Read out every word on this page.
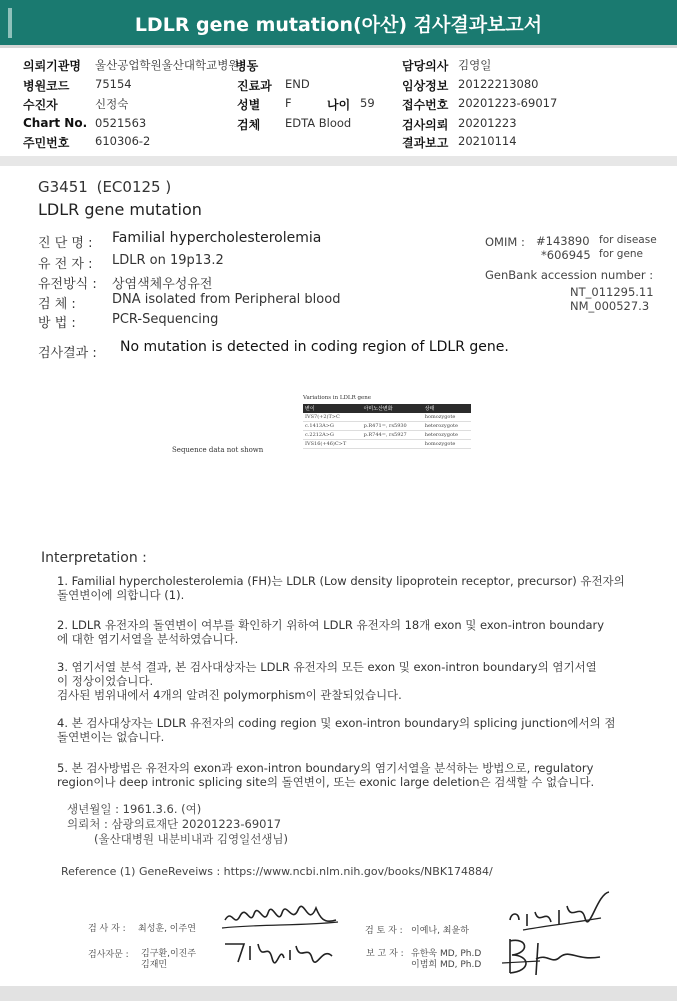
LDLR gene mutation(아산) 검사결과보고서
의뢰기관명 울산공업학원울산대학교병원
병동	담당의사 김영일
병원코드 75154	진료과 END	임상정보 20122213080
수진자	신정숙	성별 F	나이 59 접수번호 20201223-69017
Chart No. 0521563	검체 EDTA Blood	검사의뢰 20201223
주민번호 610306-2	결과보고 20210114
G3451 (EC0125 )
LDLR gene mutation
진 단 명 : Familial hypercholesterolemia
유 전 자 : LDLR on 19p13.2
유전방식 : 상염색체우성유전
검 체 :	DNA isolated from Peripheral blood
방 법 :	PCR-Sequencing
OMIM : #143890 for disease
*606945 for gene
GenBank accession number :
NT_011295.11
NM_000527.3
검사결과 : No mutation is detected in coding region of LDLR gene.
Sequence data not shown
Variations in LDLR gene
변이	아미노산변화	상태
IVS7(+2)T>C		homozygote
c.1413A>G	p.R471=, rs5930	heterozygote
c.2212A>G	p.R744=, rs5927	heterozygote
IVS16(+46)C>T		homozygote
Interpretation :
1. Familial hypercholesterolemia (FH)는 LDLR (Low density lipoprotein receptor, precursor) 유전자의
돌연변이에 의합니다 (1).
2. LDLR 유전자의 돌연변이 여부를 확인하기 위하여 LDLR 유전자의 18개 exon 및 exon-intron boundary
에 대한 염기서열을 분석하였습니다.
3. 염기서열 분석 결과, 본 검사대상자는 LDLR 유전자의 모든 exon 및 exon-intron boundary의 염기서열
이 정상이었습니다.
검사된 범위내에서 4개의 알려진 polymorphism이 관찰되었습니다.
4. 본 검사대상자는 LDLR 유전자의 coding region 및 exon-intron boundary의 splicing junction에서의 점
돌연변이는 없습니다.
5. 본 검사방법은 유전자의 exon과 exon-intron boundary의 염기서열을 분석하는 방법으로, regulatory
region이나 deep intronic splicing site의 돌연변이, 또는 exonic large deletion은 검색할 수 없습니다.
생년월일 : 1961.3.6. (여)
의뢰처 : 삼광의료재단 20201223-69017
(울산대병원 내분비내과 김영일선생님)
Reference (1) GeneReveiws : https://www.ncbi.nlm.nih.gov/books/NBK174884/
검 사 자 : 최성훈, 이주연
검사자문 : 김구환,이진주
김재민
검 토 자 : 이예나, 최윤하
보 고 자 : 유한욱 MD, Ph.D
이범희 MD, Ph.D
